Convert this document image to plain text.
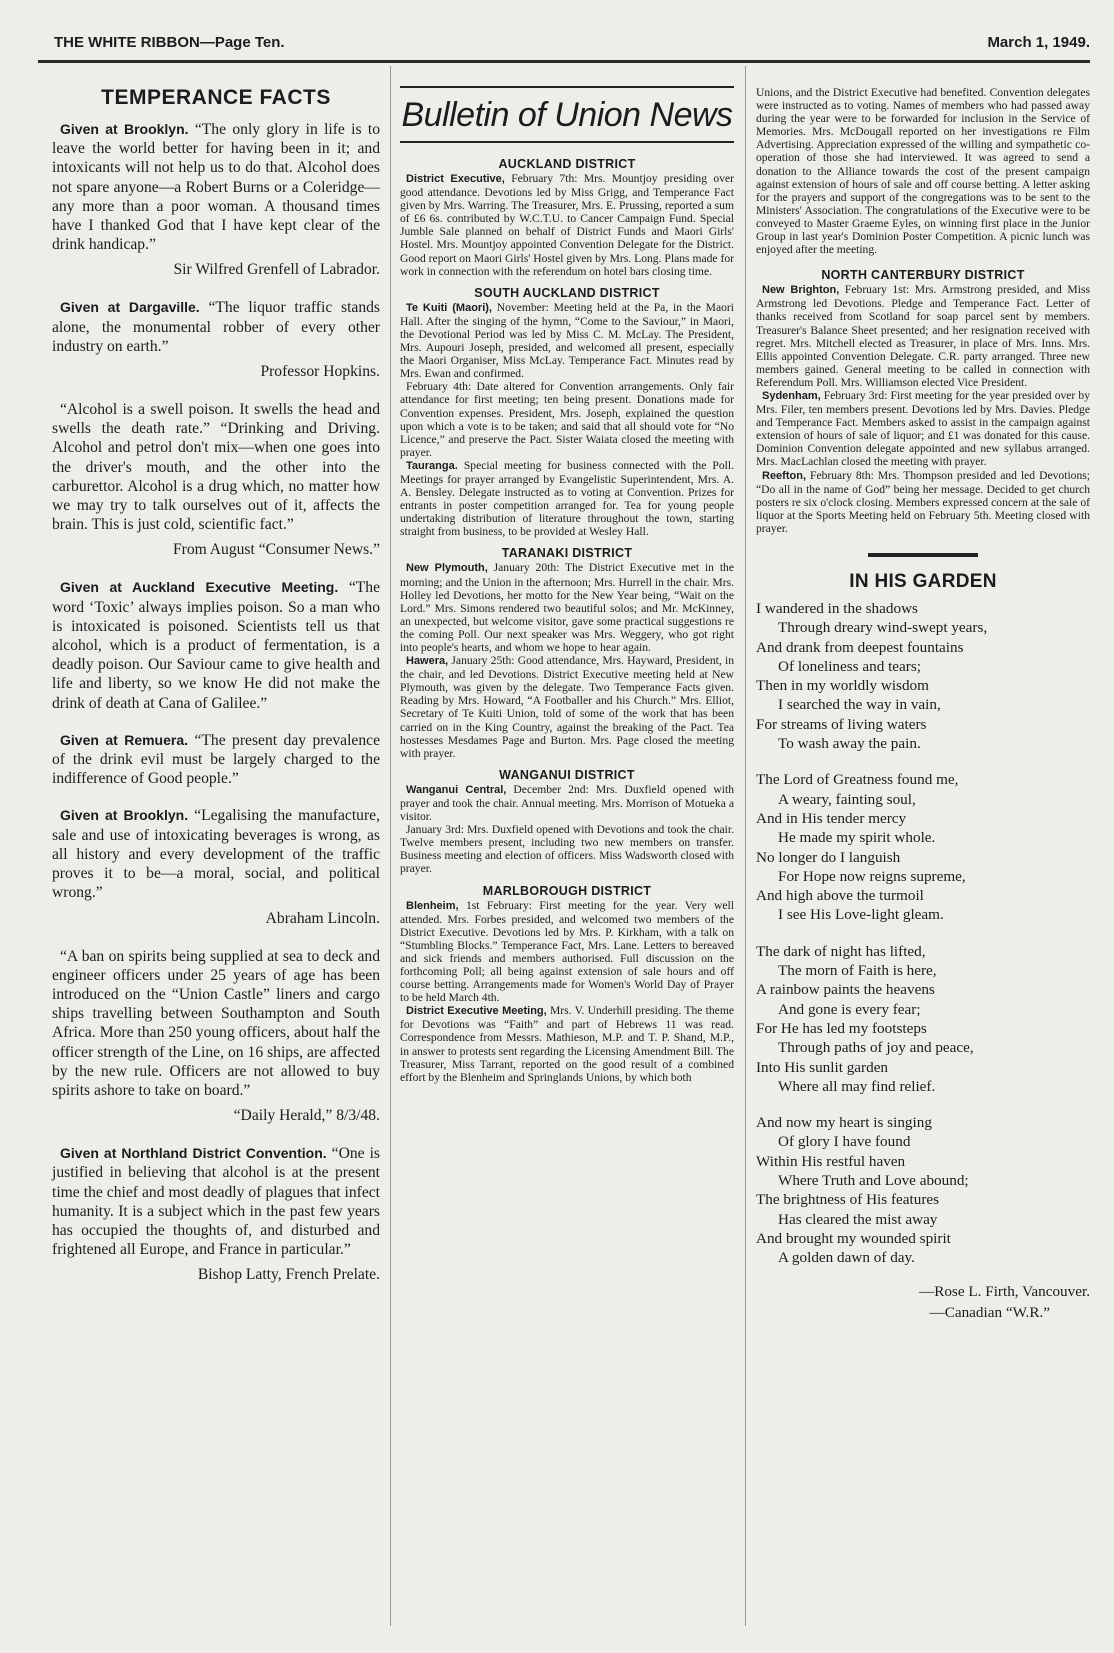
THE WHITE RIBBON—Page Ten.	March 1, 1949.
TEMPERANCE FACTS

Given at Brooklyn. “The only glory in life is to leave the world better for having been in it; and intoxicants will not help us to do that. Alcohol does not spare anyone—a Robert Burns or a Coleridge—any more than a poor woman. A thousand times have I thanked God that I have kept clear of the drink handicap.”

Sir Wilfred Grenfell of Labrador.

Given at Dargaville. “The liquor traffic stands alone, the monumental robber of every other industry on earth.”

Professor Hopkins.

“Alcohol is a swell poison. It swells the head and swells the death rate.” “Drinking and Driving. Alcohol and petrol don't mix—when one goes into the driver's mouth, and the other into the carburettor. Alcohol is a drug which, no matter how we may try to talk ourselves out of it, affects the brain. This is just cold, scientific fact.”

From August “Consumer News.”

Given at Auckland Executive Meeting. “The word ‘Toxic’ always implies poison. So a man who is intoxicated is poisoned. Scientists tell us that alcohol, which is a product of fermentation, is a deadly poison. Our Saviour came to give health and life and liberty, so we know He did not make the drink of death at Cana of Galilee.”

Given at Remuera. “The present day prevalence of the drink evil must be largely charged to the indifference of Good people.”

Given at Brooklyn. “Legalising the manufacture, sale and use of intoxicating beverages is wrong, as all history and every development of the traffic proves it to be—a moral, social, and political wrong.”

Abraham Lincoln.

“A ban on spirits being supplied at sea to deck and engineer officers under 25 years of age has been introduced on the “Union Castle” liners and cargo ships travelling between Southampton and South Africa. More than 250 young officers, about half the officer strength of the Line, on 16 ships, are affected by the new rule. Officers are not allowed to buy spirits ashore to take on board.”

“Daily Herald,” 8/3/48.

Given at Northland District Convention. “One is justified in believing that alcohol is at the present time the chief and most deadly of plagues that infect humanity. It is a subject which in the past few years has occupied the thoughts of, and disturbed and frightened all Europe, and France in particular.”

Bishop Latty, French Prelate.
Bulletin of Union News
AUCKLAND DISTRICT

District Executive, February 7th: Mrs. Mountjoy presiding over good attendance. Devotions led by Miss Grigg, and Temperance Fact given by Mrs. Warring. The Treasurer, Mrs. E. Prussing, reported a sum of £6 6s. contributed by W.C.T.U. to Cancer Campaign Fund. Special Jumble Sale planned on behalf of District Funds and Maori Girls' Hostel. Mrs. Mountjoy appointed Convention Delegate for the District. Good report on Maori Girls' Hostel given by Mrs. Long. Plans made for work in connection with the referendum on hotel bars closing time.

SOUTH AUCKLAND DISTRICT

Te Kuiti (Maori), November: Meeting held at the Pa, in the Maori Hall. After the singing of the hymn, “Come to the Saviour,” in Maori, the Devotional Period was led by Miss C. M. McLay. The President, Mrs. Aupouri Joseph, presided, and welcomed all present, especially the Maori Organiser, Miss McLay. Temperance Fact. Minutes read by Mrs. Ewan and confirmed.

February 4th: Date altered for Convention arrangements. Only fair attendance for first meeting; ten being present. Donations made for Convention expenses. President, Mrs. Joseph, explained the question upon which a vote is to be taken; and said that all should vote for “No Licence,” and preserve the Pact. Sister Waiata closed the meeting with prayer.

Tauranga. Special meeting for business connected with the Poll. Meetings for prayer arranged by Evangelistic Superintendent, Mrs. A. A. Bensley. Delegate instructed as to voting at Convention. Prizes for entrants in poster competition arranged for. Tea for young people undertaking distribution of literature throughout the town, starting straight from business, to be provided at Wesley Hall.

TARANAKI DISTRICT

New Plymouth, January 20th: The District Executive met in the morning; and the Union in the afternoon; Mrs. Hurrell in the chair. Mrs. Holley led Devotions, her motto for the New Year being, “Wait on the Lord.” Mrs. Simons rendered two beautiful solos; and Mr. McKinney, an unexpected, but welcome visitor, gave some practical suggestions re the coming Poll. Our next speaker was Mrs. Weggery, who got right into people's hearts, and whom we hope to hear again.

Hawera, January 25th: Good attendance, Mrs. Hayward, President, in the chair, and led Devotions. District Executive meeting held at New Plymouth, was given by the delegate. Two Temperance Facts given. Reading by Mrs. Howard, “A Footballer and his Church.” Mrs. Elliot, Secretary of Te Kuiti Union, told of some of the work that has been carried on in the King Country, against the breaking of the Pact. Tea hostesses Mesdames Page and Burton. Mrs. Page closed the meeting with prayer.

WANGANUI DISTRICT

Wanganui Central, December 2nd: Mrs. Duxfield opened with prayer and took the chair. Annual meeting. Mrs. Morrison of Motueka a visitor.

January 3rd: Mrs. Duxfield opened with Devotions and took the chair. Twelve members present, including two new members on transfer. Business meeting and election of officers. Miss Wadsworth closed with prayer.

MARLBOROUGH DISTRICT

Blenheim, 1st February: First meeting for the year. Very well attended. Mrs. Forbes presided, and welcomed two members of the District Executive. Devotions led by Mrs. P. Kirkham, with a talk on “Stumbling Blocks.” Temperance Fact, Mrs. Lane. Letters to bereaved and sick friends and members authorised. Full discussion on the forthcoming Poll; all being against extension of sale hours and off course betting. Arrangements made for Women's World Day of Prayer to be held March 4th.

District Executive Meeting, Mrs. V. Underhill presiding. The theme for Devotions was “Faith” and part of Hebrews 11 was read. Correspondence from Messrs. Mathieson, M.P. and T. P. Shand, M.P., in answer to protests sent regarding the Licensing Amendment Bill. The Treasurer, Miss Tarrant, reported on the good result of a combined effort by the Blenheim and Springlands Unions, by which both

Unions, and the District Executive had benefited. Convention delegates were instructed as to voting. Names of members who had passed away during the year were to be forwarded for inclusion in the Service of Memories. Mrs. McDougall reported on her investigations re Film Advertising. Appreciation expressed of the willing and sympathetic co-operation of those she had interviewed. It was agreed to send a donation to the Alliance towards the cost of the present campaign against extension of hours of sale and off course betting. A letter asking for the prayers and support of the congregations was to be sent to the Ministers' Association. The congratulations of the Executive were to be conveyed to Master Graeme Eyles, on winning first place in the Junior Group in last year's Dominion Poster Competition. A picnic lunch was enjoyed after the meeting.

NORTH CANTERBURY DISTRICT

New Brighton, February 1st: Mrs. Armstrong presided, and Miss Armstrong led Devotions. Pledge and Temperance Fact. Letter of thanks received from Scotland for soap parcel sent by members. Treasurer's Balance Sheet presented; and her resignation received with regret. Mrs. Mitchell elected as Treasurer, in place of Mrs. Inns. Mrs. Ellis appointed Convention Delegate. C.R. party arranged. Three new members gained. General meeting to be called in connection with Referendum Poll. Mrs. Williamson elected Vice President.

Sydenham, February 3rd: First meeting for the year presided over by Mrs. Filer, ten members present. Devotions led by Mrs. Davies. Pledge and Temperance Fact. Members asked to assist in the campaign against extension of hours of sale of liquor; and £1 was donated for this cause. Dominion Convention delegate appointed and new syllabus arranged. Mrs. MacLachlan closed the meeting with prayer.

Reefton, February 8th: Mrs. Thompson presided and led Devotions; “Do all in the name of God” being her message. Decided to get church posters re six o'clock closing. Members expressed concern at the sale of liquor at the Sports Meeting held on February 5th. Meeting closed with prayer.

IN HIS GARDEN
I wandered in the shadows
Through dreary wind-swept years,
And drank from deepest fountains
Of loneliness and tears;
Then in my worldly wisdom
I searched the way in vain,
For streams of living waters
To wash away the pain.
The Lord of Greatness found me,
A weary, fainting soul,
And in His tender mercy
He made my spirit whole.
No longer do I languish
For Hope now reigns supreme,
And high above the turmoil
I see His Love-light gleam.
The dark of night has lifted,
The morn of Faith is here,
A rainbow paints the heavens
And gone is every fear;
For He has led my footsteps
Through paths of joy and peace,
Into His sunlit garden
Where all may find relief.
And now my heart is singing
Of glory I have found
Within His restful haven
Where Truth and Love abound;
The brightness of His features
Has cleared the mist away
And brought my wounded spirit
A golden dawn of day.
—Rose L. Firth, Vancouver.
—Canadian “W.R.”
